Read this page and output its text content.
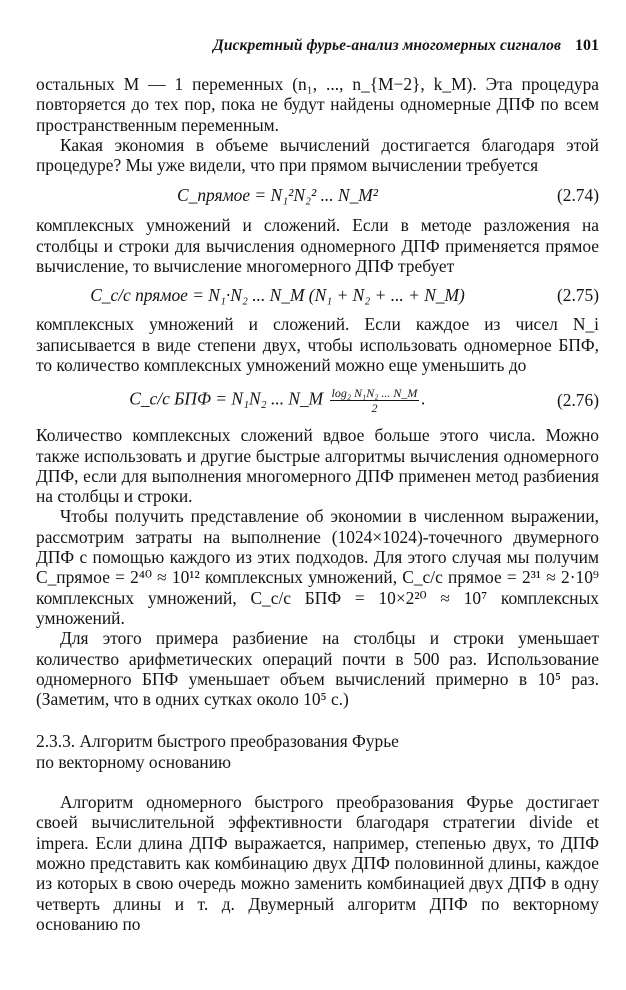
Дискретный фурье-анализ многомерных сигналов 101

остальных M — 1 переменных (n₁, ..., n_{M−2}, k_M). Эта процедура повторяется до тех пор, пока не будут найдены одномерные ДПФ по всем пространственным переменным.

Какая экономия в объеме вычислений достигается благодаря этой процедуре? Мы уже видели, что при прямом вычислении требуется

C_прямое = N₁²N₂² ... N_M²	(2.74)

комплексных умножений и сложений. Если в методе разложения на столбцы и строки для вычисления одномерного ДПФ применяется прямое вычисление, то вычисление многомерного ДПФ требует

C_с/с прямое = N₁·N₂ ... N_M (N₁ + N₂ + ... + N_M)	(2.75)

комплексных умножений и сложений. Если каждое из чисел N_i записывается в виде степени двух, чтобы использовать одномерное БПФ, то количество комплексных умножений можно еще уменьшить до

C_с/с БПФ = N₁N₂ ... N_M $\frac{\text{log₂ N₁N₂ ... N\_M}}{2}$ .	(2.76)

Количество комплексных сложений вдвое больше этого числа. Можно также использовать и другие быстрые алгоритмы вычисления одномерного ДПФ, если для выполнения многомерного ДПФ применен метод разбиения на столбцы и строки.

Чтобы получить представление об экономии в численном выражении, рассмотрим затраты на выполнение (1024×1024)-точечного двумерного ДПФ с помощью каждого из этих подходов. Для этого случая мы получим C_прямое = 2⁴⁰ ≈ 10¹² комплексных умножений, C_с/с прямое = 2³¹ ≈ 2·10⁹ комплексных умножений, C_с/с БПФ = 10×2²⁰ ≈ 10⁷ комплексных умножений.

Для этого примера разбиение на столбцы и строки уменьшает количество арифметических операций почти в 500 раз. Использование одномерного БПФ уменьшает объем вычислений примерно в 10⁵ раз. (Заметим, что в одних сутках около 10⁵ с.)

2.3.3. Алгоритм быстрого преобразования Фурье
по векторному основанию

Алгоритм одномерного быстрого преобразования Фурье достигает своей вычислительной эффективности благодаря стратегии divide et impera. Если длина ДПФ выражается, например, степенью двух, то ДПФ можно представить как комбинацию двух ДПФ половинной длины, каждое из которых в свою очередь можно заменить комбинацией двух ДПФ в одну четверть длины и т. д. Двумерный алгоритм ДПФ по векторному основанию по
